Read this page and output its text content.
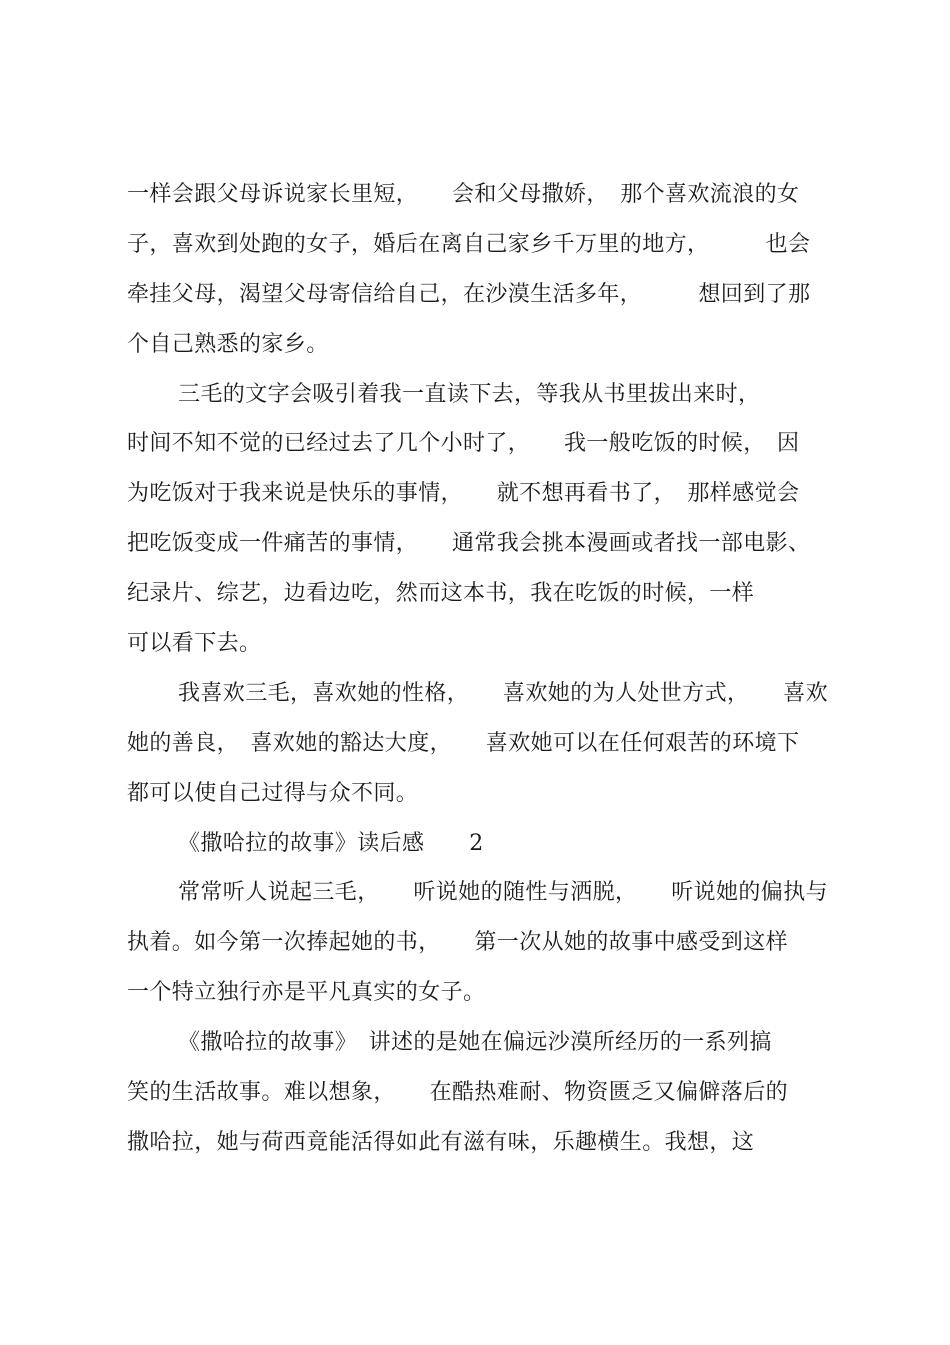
一样会跟父母诉说家长里短，　　会和父母撒娇，　那个喜欢流浪的女
子，喜欢到处跑的女子，婚后在离自己家乡千万里的地方，　　　也会
牵挂父母，渴望父母寄信给自己，在沙漠生活多年，　　　想回到了那
个自己熟悉的家乡。
三毛的文字会吸引着我一直读下去，等我从书里拔出来时，
时间不知不觉的已经过去了几个小时了，　　我一般吃饭的时候，　因
为吃饭对于我来说是快乐的事情，　　就不想再看书了，　那样感觉会
把吃饭变成一件痛苦的事情，　　通常我会挑本漫画或者找一部电影、
纪录片、综艺，边看边吃，然而这本书，我在吃饭的时候，一样
可以看下去。
我喜欢三毛，喜欢她的性格，　　喜欢她的为人处世方式，　　喜欢
她的善良，　喜欢她的豁达大度，　　喜欢她可以在任何艰苦的环境下
都可以使自己过得与众不同。
《撒哈拉的故事》读后感　　2
常常听人说起三毛，　　听说她的随性与洒脱，　　听说她的偏执与
执着。如今第一次捧起她的书，　　第一次从她的故事中感受到这样
一个特立独行亦是平凡真实的女子。
《撒哈拉的故事》　讲述的是她在偏远沙漠所经历的一系列搞
笑的生活故事。难以想象，　　在酷热难耐、物资匮乏又偏僻落后的
撒哈拉，她与荷西竟能活得如此有滋有味，乐趣横生。我想，这
